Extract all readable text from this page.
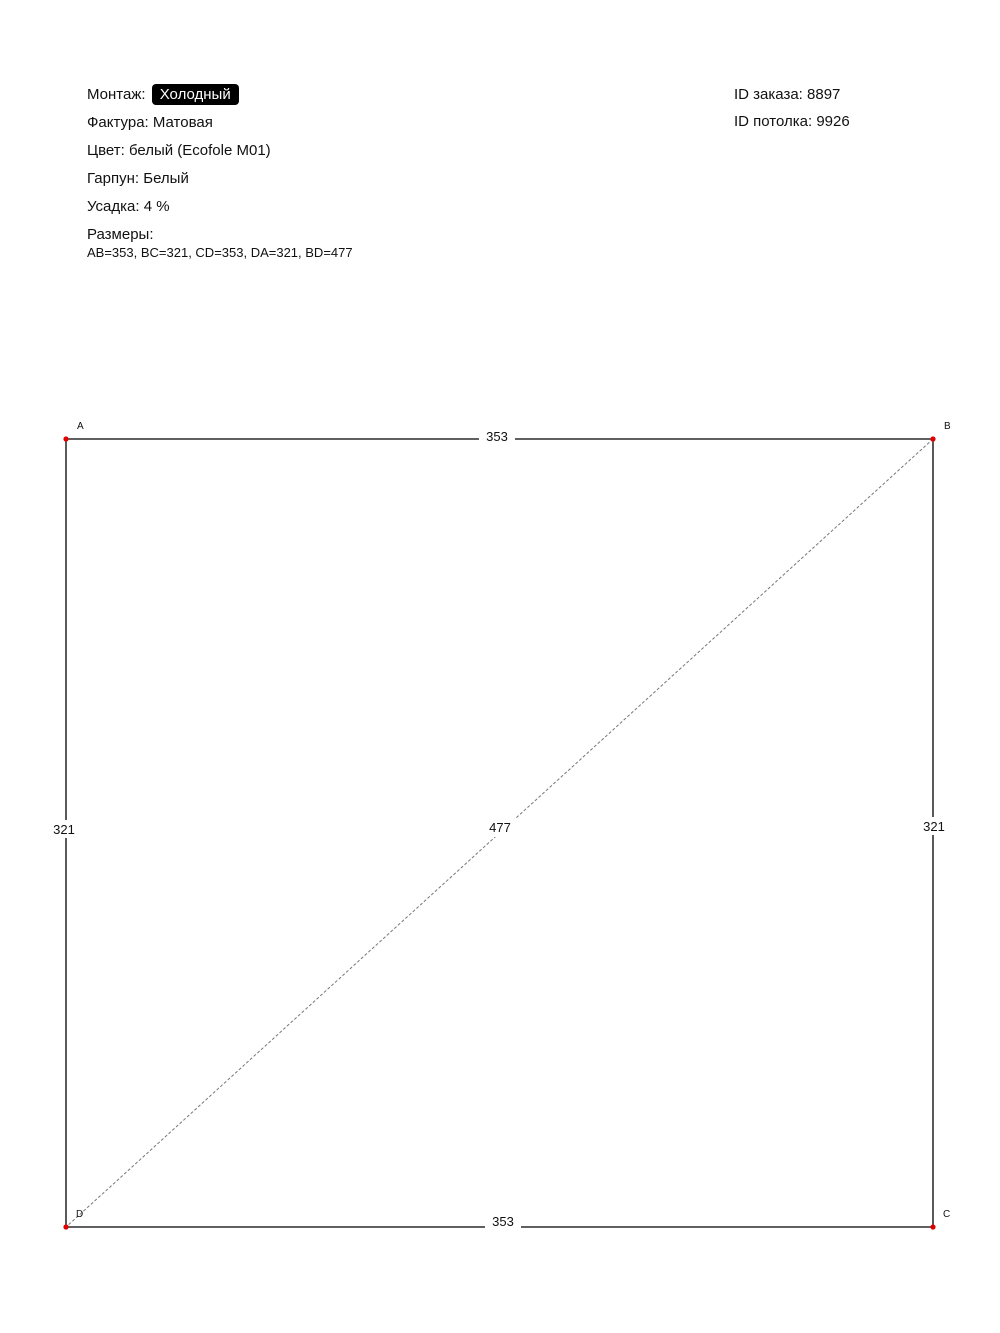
Монтаж: Холодный
Фактура: Матовая
Цвет: белый (Ecofole M01)
Гарпун: Белый
Усадка: 4 %
Размеры:
AB=353, BC=321, CD=353, DA=321, BD=477
ID заказа: 8897
ID потолка: 9926
353
321
353
321	477
A	B
C
D
